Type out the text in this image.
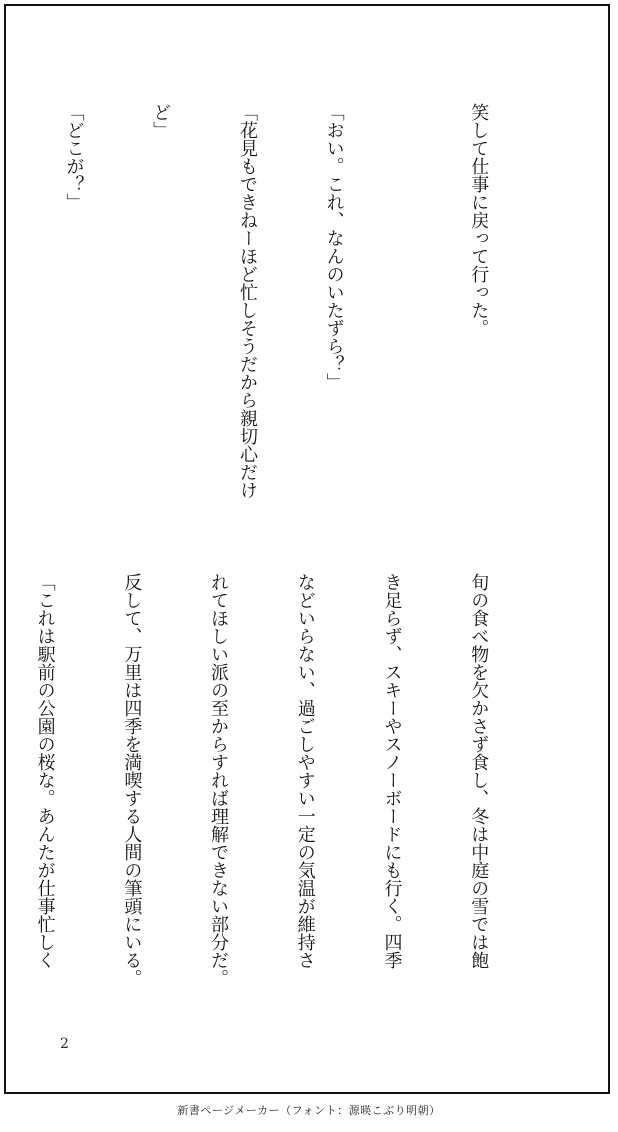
笑して仕事に戻って行った。

「おい。これ、なんのいたずら？」

「花見もできねーほど忙しそうだから親切心だけ

ど」

「どこが？」

旬の食べ物を欠かさず食し、冬は中庭の雪では飽

き足らず、スキーやスノーボードにも行く。四季

などいらない、過ごしやすい一定の気温が維持さ

れてほしい派の至からすれば理解できない部分だ。

反して、万里は四季を満喫する人間の筆頭にいる。

「これは駅前の公園の桜な。あんたが仕事忙しく

2
新書ページメーカー（フォント：源暎こぶり明朝）
